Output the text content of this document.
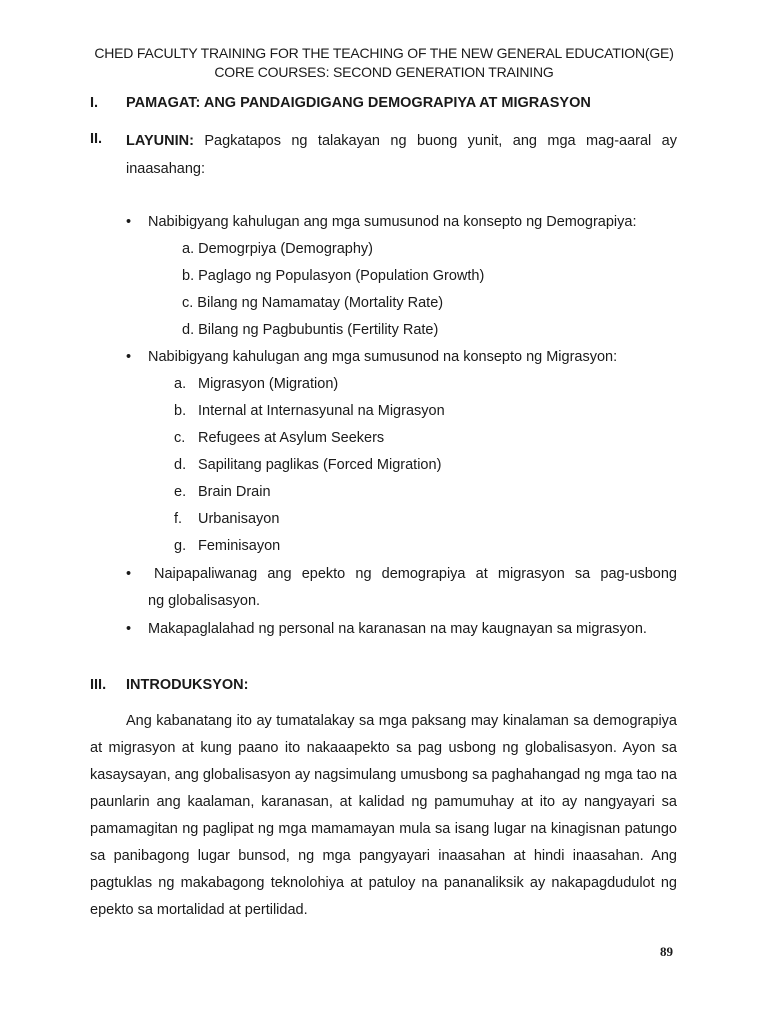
CHED FACULTY TRAINING FOR THE TEACHING OF THE NEW GENERAL EDUCATION(GE)
CORE COURSES: SECOND GENERATION TRAINING
I. PAMAGAT: ANG PANDAIGDIGANG DEMOGRAPIYA AT MIGRASYON
II. LAYUNIN: Pagkatapos ng talakayan ng buong yunit, ang mga mag-aaral ay inaasahang:
• Nabibigyang kahulugan ang mga sumusunod na konsepto ng Demograpiya:
a. Demogrpiya (Demography)
b. Paglago ng Populasyon (Population Growth)
c. Bilang ng Namamatay (Mortality Rate)
d. Bilang ng Pagbubuntis (Fertility Rate)
• Nabibigyang kahulugan ang mga sumusunod na konsepto ng Migrasyon:
a. Migrasyon (Migration)
b. Internal at Internasyunal na Migrasyon
c. Refugees at Asylum Seekers
d. Sapilitang paglikas (Forced Migration)
e. Brain Drain
f. Urbanisayon
g. Feminisayon
•	Naipapaliwanag ang epekto ng demograpiya at migrasyon sa pag-usbong
ng globalisasyon.
• Makapaglalahad ng personal na karanasan na may kaugnayan sa migrasyon.
III. INTRODUKSYON:
Ang kabanatang ito ay tumatalakay sa mga paksang may kinalaman sa demograpiya at migrasyon at kung paano ito nakaaapekto sa pag usbong ng globalisasyon. Ayon sa kasaysayan, ang globalisasyon ay nagsimulang umusbong sa paghahangad ng mga tao na paunlarin ang kaalaman, karanasan, at kalidad ng pamumuhay at ito ay nangyayari sa pamamagitan ng paglipat ng mga mamamayan mula sa isang lugar na kinagisnan patungo sa panibagong lugar bunsod, ng mga pangyayari inaasahan at hindi inaasahan. Ang pagtuklas ng makabagong teknolohiya at patuloy na pananaliksik ay nakapagdudulot ng epekto sa mortalidad at pertilidad.
89
